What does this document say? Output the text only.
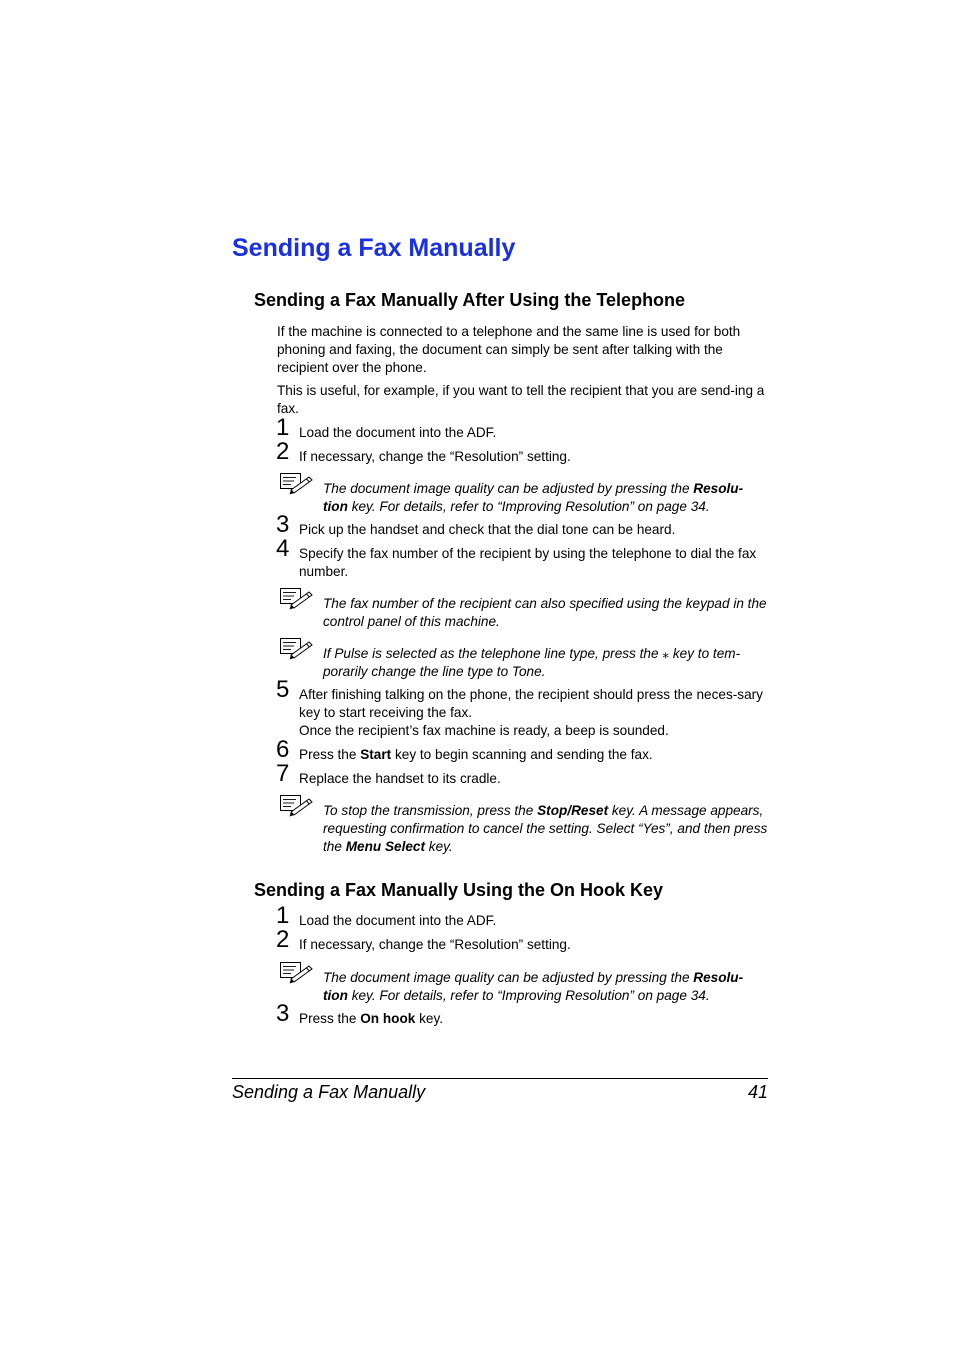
Sending a Fax Manually
Sending a Fax Manually After Using the Telephone
If the machine is connected to a telephone and the same line is used for both phoning and faxing, the document can simply be sent after talking with the recipient over the phone.
This is useful, for example, if you want to tell the recipient that you are send-ing a fax.
1 Load the document into the ADF.
2 If necessary, change the “Resolution” setting.
The document image quality can be adjusted by pressing the Resolu-
tion key. For details, refer to “Improving Resolution” on page 34.
3 Pick up the handset and check that the dial tone can be heard.
4 Specify the fax number of the recipient by using the telephone to dial the fax number.
The fax number of the recipient can also specified using the keypad in the control panel of this machine.
If Pulse is selected as the telephone line type, press the ⁎ key to tem-porarily change the line type to Tone.
5 After finishing talking on the phone, the recipient should press the neces-sary key to start receiving the fax.
Once the recipient’s fax machine is ready, a beep is sounded.
6 Press the Start key to begin scanning and sending the fax.
7 Replace the handset to its cradle.
To stop the transmission, press the Stop/Reset key. A message appears, requesting confirmation to cancel the setting. Select “Yes”, and then press the Menu Select key.
Sending a Fax Manually Using the On Hook Key
1 Load the document into the ADF.
2 If necessary, change the “Resolution” setting.
The document image quality can be adjusted by pressing the Resolu-
tion key. For details, refer to “Improving Resolution” on page 34.
3 Press the On hook key.
Sending a Fax Manually	41
